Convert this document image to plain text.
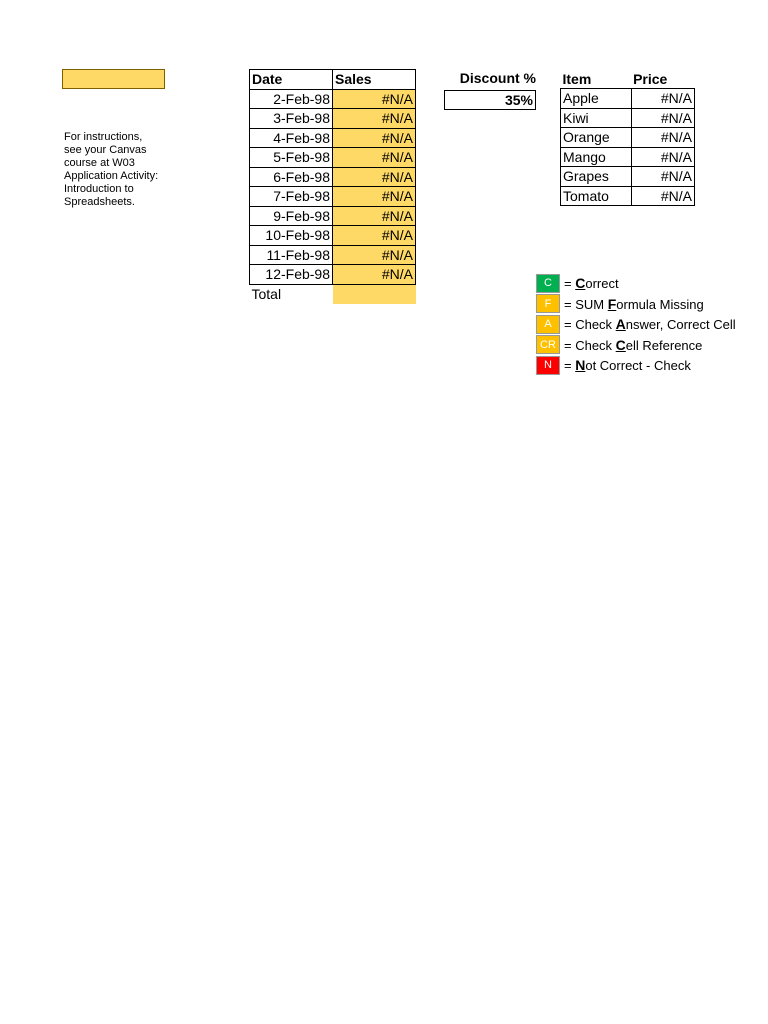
For instructions, see your Canvas course at W03 Application Activity: Introduction to Spreadsheets.
Date	Sales
2-Feb-98	#N/A
3-Feb-98	#N/A
4-Feb-98	#N/A
5-Feb-98	#N/A
6-Feb-98	#N/A
7-Feb-98	#N/A
9-Feb-98	#N/A
10-Feb-98	#N/A
11-Feb-98	#N/A
12-Feb-98	#N/A
Total	
Discount %
35%
Item	Price
Apple	#N/A
Kiwi	#N/A
Orange	#N/A
Mango	#N/A
Grapes	#N/A
Tomato	#N/A
C = Correct
F = SUM Formula Missing
A = Check Answer, Correct Cell
CR = Check Cell Reference
N = Not Correct - Check
